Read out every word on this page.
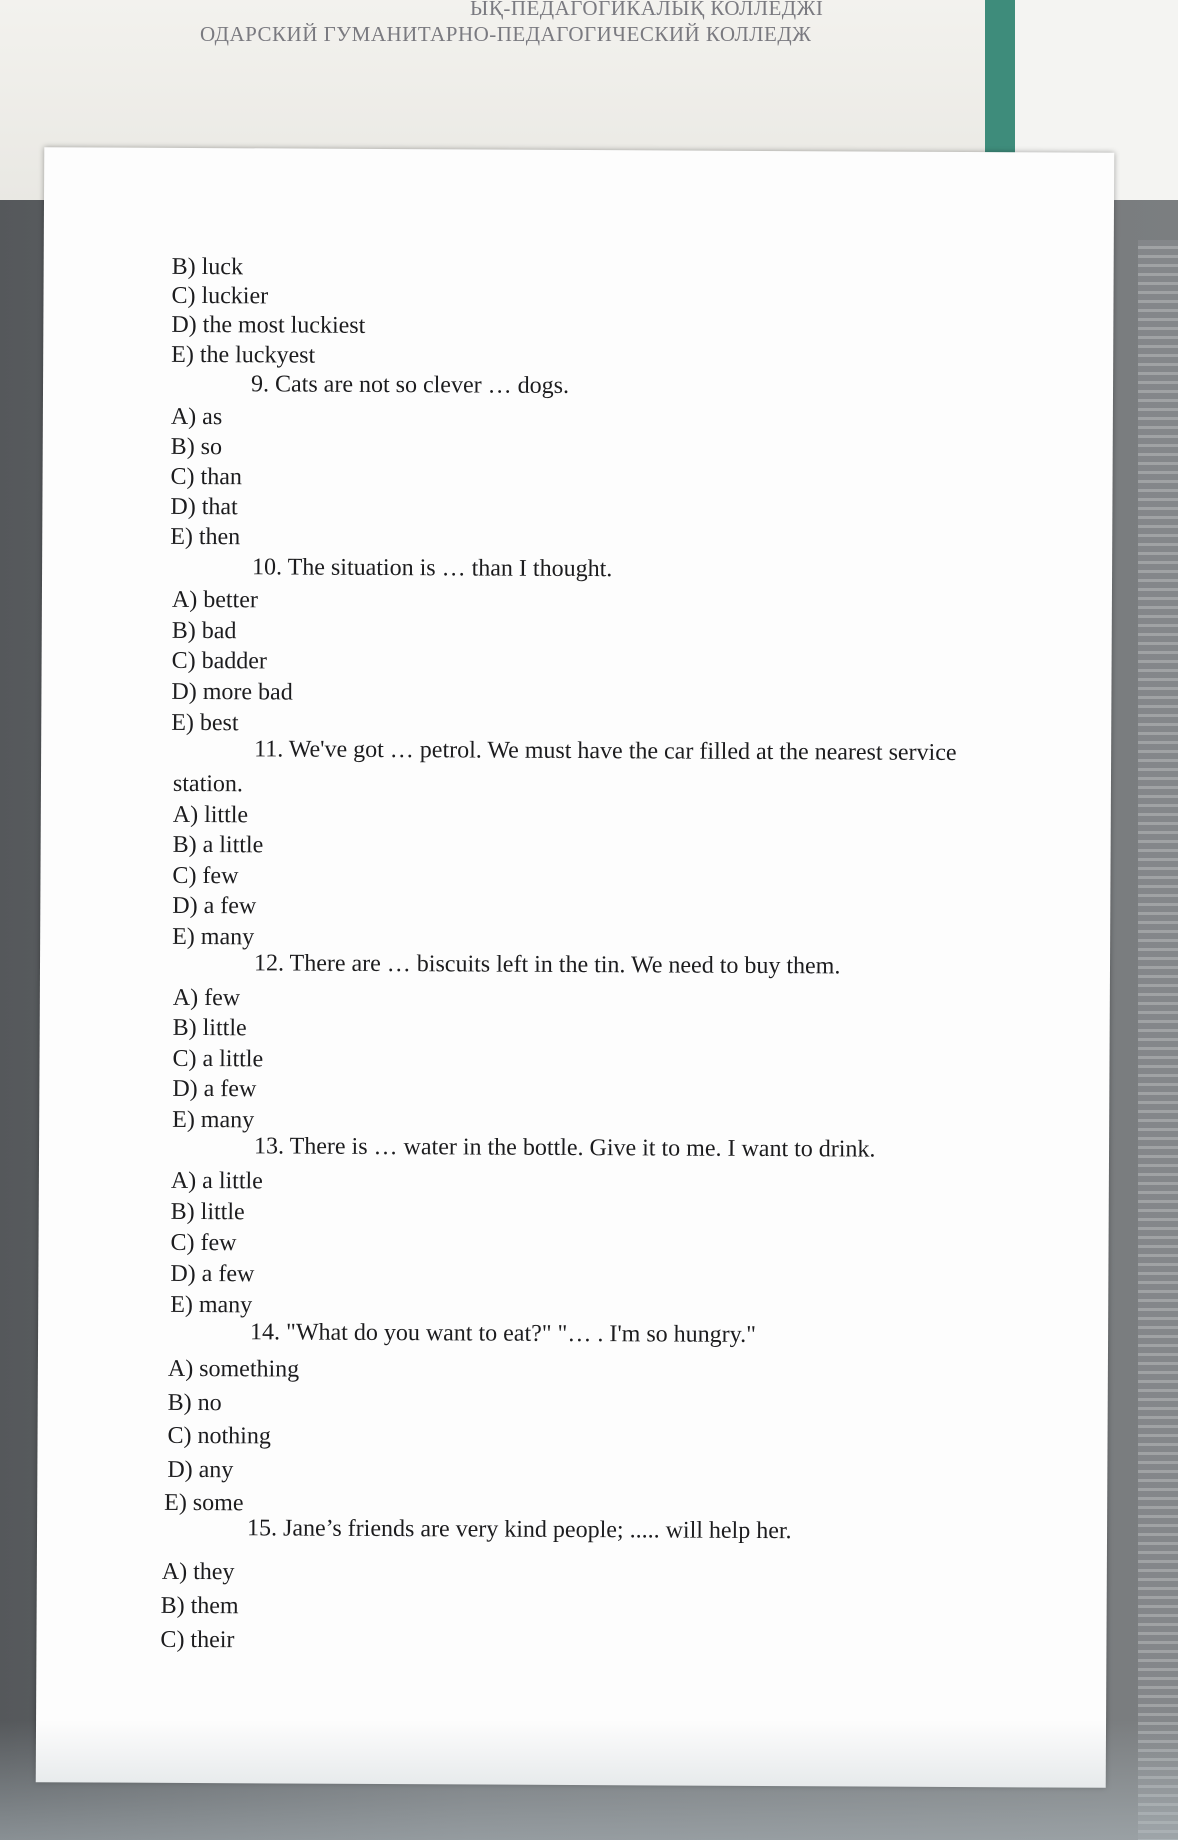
ЫҚ-ПЕДАГОГИКАЛЫҚ КОЛЛЕДЖІ
ОДАРСКИЙ ГУМАНИТАРНО-ПЕДАГОГИЧЕСКИЙ КОЛЛЕДЖ
B) luck
C) luckier
D) the most luckiest
E) the luckyest
9. Cats are not so clever … dogs.
A) as
B) so
C) than
D) that
E) then
10. The situation is … than I thought.
A) better
B) bad
C) badder
D) more bad
E) best
11. We've got … petrol. We must have the car filled at the nearest service
station.
A) little
B) a little
C) few
D) a few
E) many
12. There are … biscuits left in the tin. We need to buy them.
A) few
B) little
C) a little
D) a few
E) many
13. There is … water in the bottle. Give it to me. I want to drink.
A) a little
B) little
C) few
D) a few
E) many
14. "What do you want to eat?" "… . I'm so hungry."
A) something
B) no
C) nothing
D) any
E) some
15. Jane’s friends are very kind people; ..... will help her.
A) they
B) them
C) their
